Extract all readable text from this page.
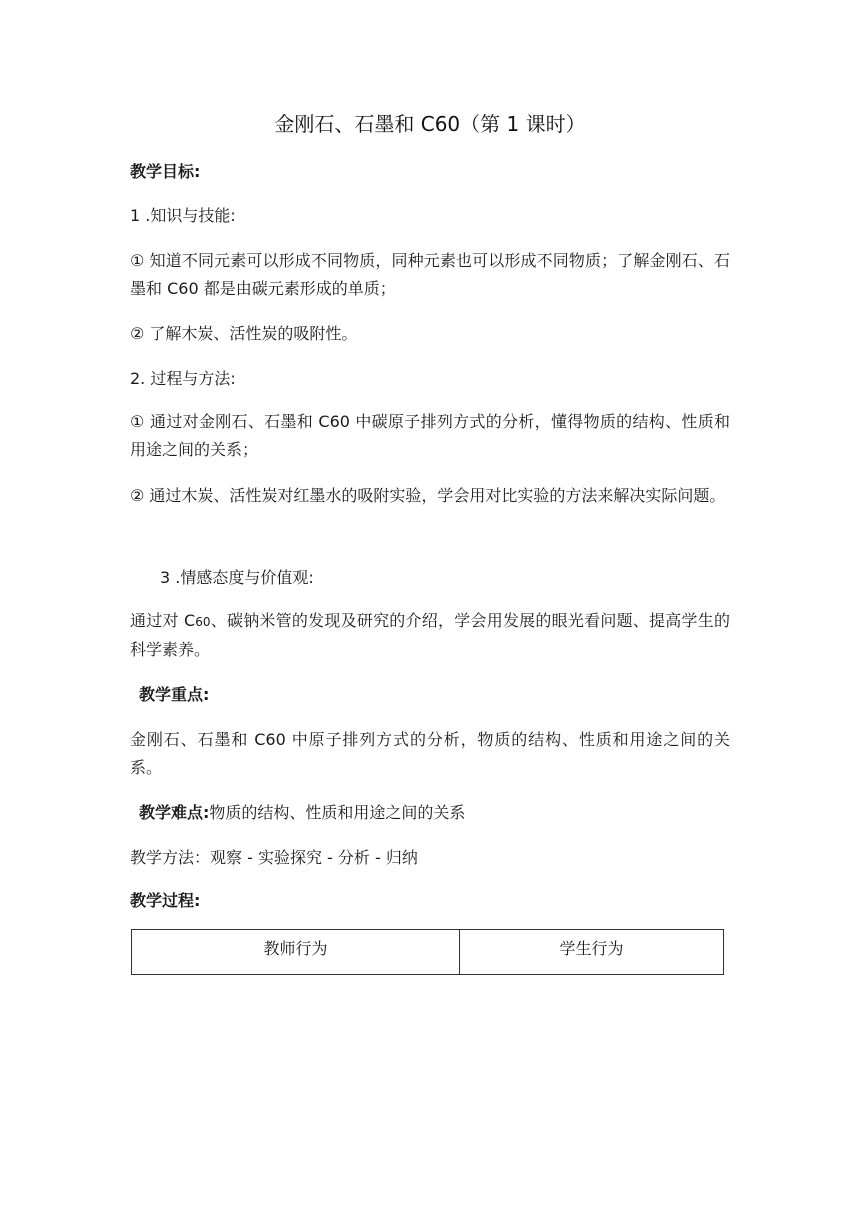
金刚石、石墨和 C60（第 1 课时）
教学目标:
1 .知识与技能:
① 知道不同元素可以形成不同物质，同种元素也可以形成不同物质；了解金刚石、石墨和 C60 都是由碳元素形成的单质；
② 了解木炭、活性炭的吸附性。
2. 过程与方法:
① 通过对金刚石、石墨和 C60 中碳原子排列方式的分析，懂得物质的结构、性质和用途之间的关系；
② 通过木炭、活性炭对红墨水的吸附实验，学会用对比实验的方法来解决实际问题。
3 .情感态度与价值观:
通过对 C60、碳钠米管的发现及研究的介绍，学会用发展的眼光看问题、提高学生的科学素养。
教学重点:
金刚石、石墨和 C60 中原子排列方式的分析，物质的结构、性质和用途之间的关系。
教学难点:物质的结构、性质和用途之间的关系
教学方法：观察 - 实验探究 - 分析 - 归纳
教学过程:
教师行为	学生行为
